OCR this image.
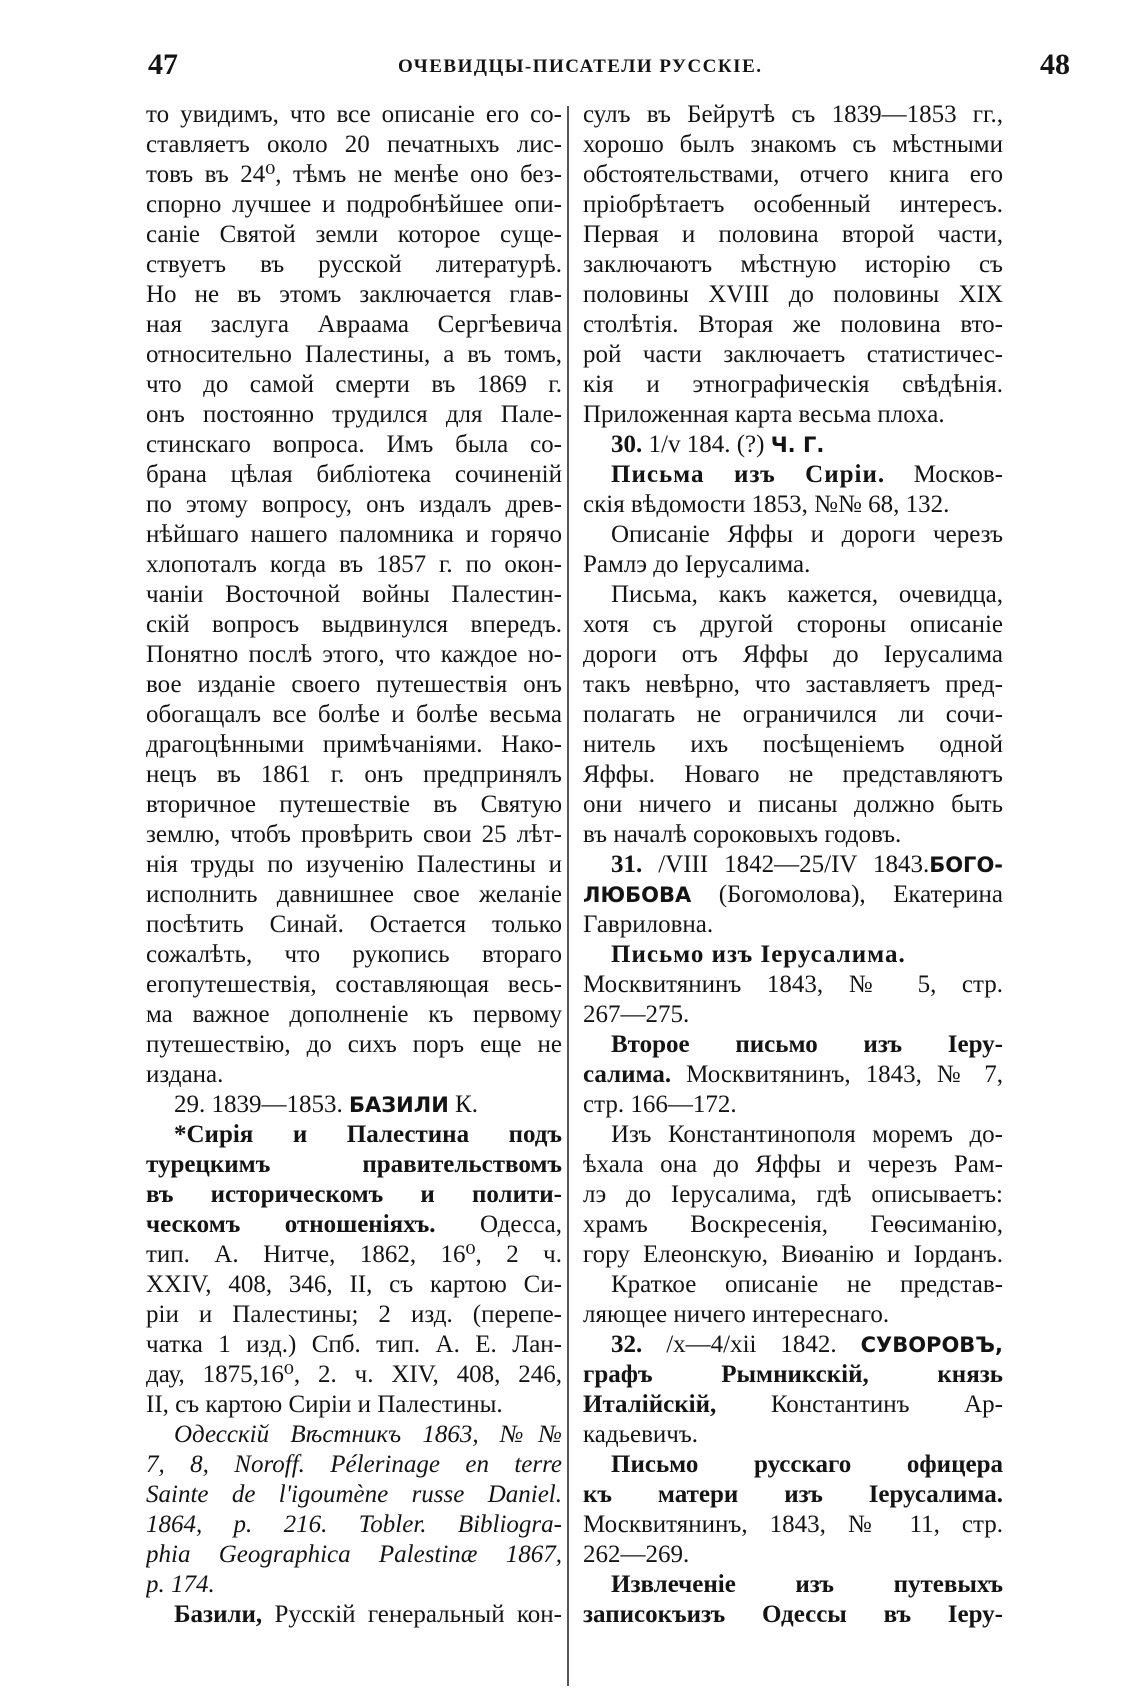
47	ОЧЕВИДЦЫ-ПИСАТЕЛИ РУССКІЕ.	48
то увидимъ, что все описаніе его со-
ставляетъ около 20 печатныхъ лис-
товъ въ 24⁰, тѣмъ не менѣе оно без-
спорно лучшее и подробнѣйшее опи-
саніе Святой земли которое суще-
ствуетъ въ русской литературѣ.
Но не въ этомъ заключается глав-
ная заслуга Авраама Сергѣевича
относительно Палестины, а въ томъ,
что до самой смерти въ 1869 г.
онъ постоянно трудился для Пале-
стинскаго вопроса. Имъ была со-
брана цѣлая библіотека сочиненій
по этому вопросу, онъ издалъ древ-
нѣйшаго нашего паломника и горячо
хлопоталъ когда въ 1857 г. по окон-
чаніи Восточной войны Палестин-
скій вопросъ выдвинулся впередъ.
Понятно послѣ этого, что каждое но-
вое изданіе своего путешествія онъ
обогащалъ все болѣе и болѣе весьма
драгоцѣнными примѣчаніями. Нако-
нецъ въ 1861 г. онъ предпринялъ
вторичное путешествіе въ Святую
землю, чтобъ провѣрить свои 25 лѣт-
нія труды по изученію Палестины и
исполнить давнишнее свое желаніе
посѣтить Синай. Остается только
сожалѣть, что рукопись втораго
егопутешествія, составляющая весь-
ма важное дополненіе къ первому
путешествію, до сихъ поръ еще не
издана.
29. 1839—1853. БАЗИЛИ К.
*Сирія и Палестина подъ
турецкимъ правительствомъ
въ историческомъ и полити-
ческомъ отношеніяхъ. Одесса,
тип. А. Нитче, 1862, 16⁰, 2 ч.
XXIV, 408, 346, II, съ картою Си-
ріи и Палестины; 2 изд. (перепе-
чатка 1 изд.) Спб. тип. А. Е. Лан-
дау, 1875,16⁰, 2. ч. XIV, 408, 246,
II, съ картою Сиріи и Палестины.
Одесскій Вѣстникъ 1863, №№
7, 8, Noroff. Pélerinage en terre
Sainte de l'igoumène russe Daniel.
1864, p. 216. Tobler. Bibliogra-
phia Geographica Palestinæ 1867,
p. 174.
Базили, Русскій генеральный кон-
сулъ въ Бейрутѣ съ 1839—1853 гг.,
хорошо былъ знакомъ съ мѣстными
обстоятельствами, отчего книга его
пріобрѣтаетъ особенный интересъ.
Первая и половина второй части,
заключаютъ мѣстную исторію съ
половины XVIII до половины XIX
столѣтія. Вторая же половина вто-
рой части заключаетъ статистичес-
кія и этнографическія свѣдѣнія.
Приложенная карта весьма плоха.
30. 1/v 184. (?) Ч. Г.
Письма изъ Сиріи. Москов-
скія вѣдомости 1853, №№ 68, 132.
Описаніе Яффы и дороги черезъ
Рамлэ до Іерусалима.
Письма, какъ кажется, очевидца,
хотя съ другой стороны описаніе
дороги отъ Яффы до Іерусалима
такъ невѣрно, что заставляетъ пред-
полагать не ограничился ли сочи-
нитель ихъ посѣщеніемъ одной
Яффы. Новаго не представляютъ
они ничего и писаны должно быть
въ началѣ сороковыхъ годовъ.
31. /VIII 1842—25/IV 1843.БОГО-
ЛЮБОВА (Богомолова), Екатерина
Гавриловна.
Письмо изъ Іерусалима.
Москвитянинъ 1843, № 5, стр.
267—275.
Второе письмо изъ Іеру-
салима. Москвитянинъ, 1843, № 7,
стр. 166—172.
Изъ Константинополя моремъ до-
ѣхала она до Яффы и черезъ Рам-
лэ до Іерусалима, гдѣ описываетъ:
храмъ Воскресенія, Геѳсиманію,
гору Елеонскую, Виѳанію и Іорданъ.
Краткое описаніе не представ-
ляющее ничего интереснаго.
32. /x—4/xii 1842. СУВОРОВЪ,
графъ Рымникскій, князь
Италійскій, Константинъ Ар-
кадьевичъ.
Письмо русскаго офицера
къ матери изъ Іерусалима.
Москвитянинъ, 1843, № 11, стр.
262—269.
Извлеченіе изъ путевыхъ
записокъизъ Одессы въ Іеру-
